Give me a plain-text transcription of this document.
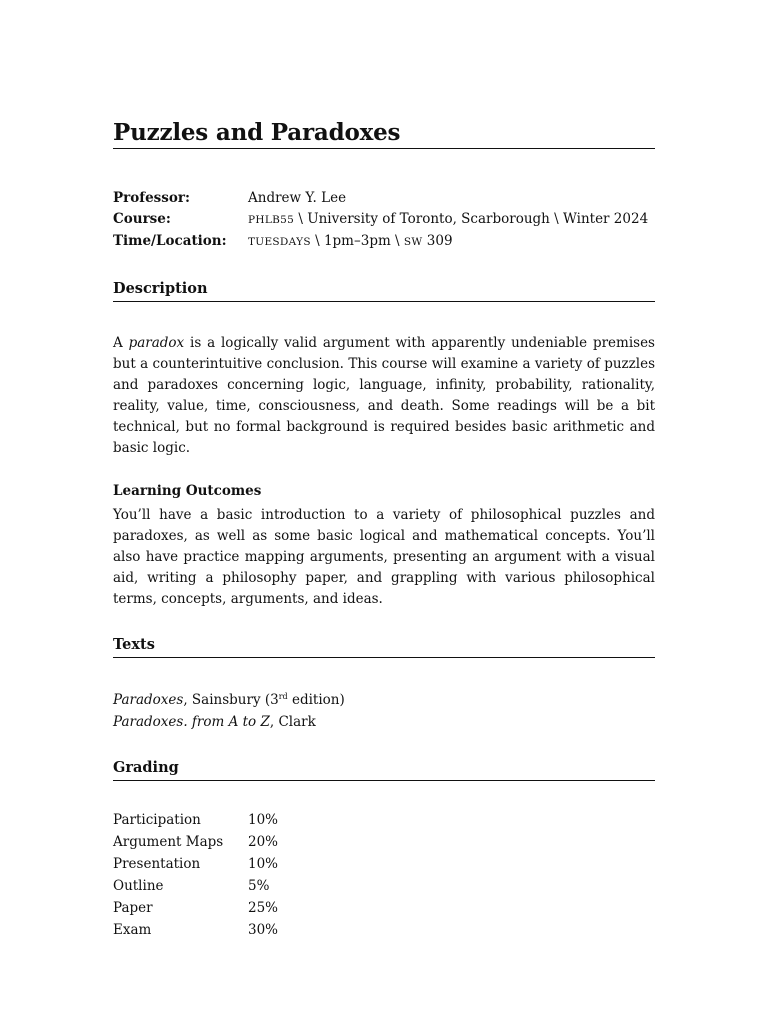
Puzzles and Paradoxes
Professor:	Andrew Y. Lee
Course:	PHLB55 \ University of Toronto, Scarborough \ Winter 2024
Time/Location:	TUESDAYS \ 1pm–3pm \ SW 309
Description

A paradox is a logically valid argument with apparently undeniable premises but a counterintuitive conclusion. This course will examine a variety of puzzles and paradoxes concerning logic, language, infinity, probability, rationality, reality, value, time, consciousness, and death. Some readings will be a bit technical, but no formal background is required besides basic arithmetic and basic logic.

Learning Outcomes

You’ll have a basic introduction to a variety of philosophical puzzles and paradoxes, as well as some basic logical and mathematical concepts. You’ll also have practice mapping arguments, presenting an argument with a visual aid, writing a philosophy paper, and grappling with various philosophical terms, concepts, arguments, and ideas.

Texts
Paradoxes, Sainsbury (3rd edition)
Paradoxes. from A to Z, Clark
Grading
Participation	10%
Argument Maps	20%
Presentation	10%
Outline	5%
Paper	25%
Exam	30%
